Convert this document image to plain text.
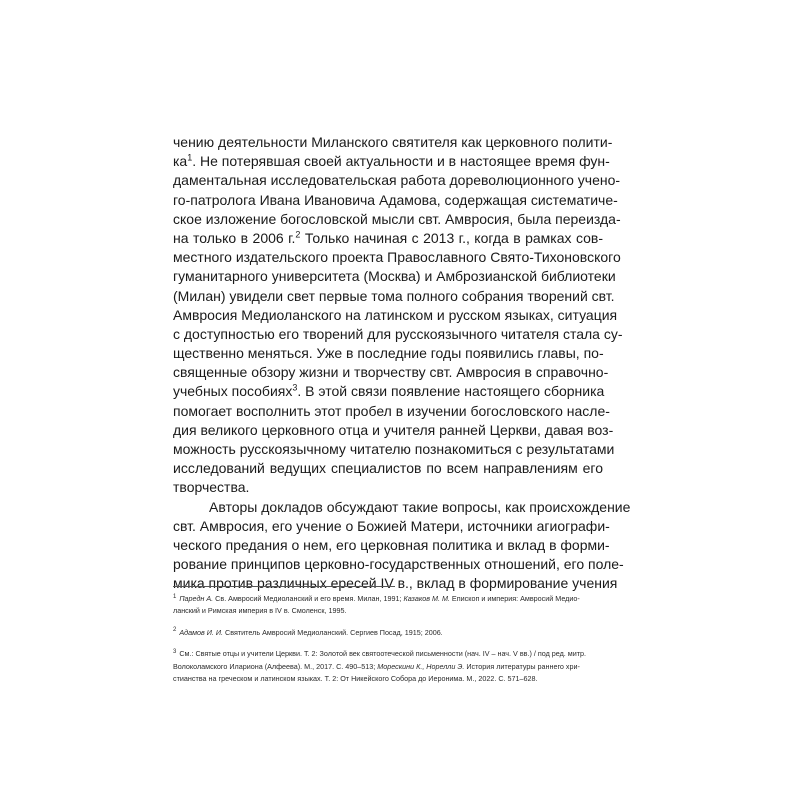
чению деятельности Миланского святителя как церковного полити-
$ка^1$. Не потерявшая своей актуальности и в настоящее время фун-
даментальная исследовательская работа дореволюционного учено-
го-патролога Ивана Ивановича Адамова, содержащая систематиче-
ское изложение богословской мысли свт. Амвросия, была переизда-
на только в 2006 г.$^2$ Только начиная с 2013 г., когда в рамках сов-
местного издательского проекта Православного Свято-Тихоновского
гуманитарного университета (Москва) и Амброзианской библиотеки
(Милан) увидели свет первые тома полного собрания творений свт.
Амвросия Медиоланского на латинском и русском языках, ситуация
с доступностью его творений для русскоязычного читателя стала су-
щественно меняться. Уже в последние годы появились главы, по-
священные обзору жизни и творчеству свт. Амвросия в справочно-
учебных пособиях$^3$. В этой связи появление настоящего сборника
помогает восполнить этот пробел в изучении богословского насле-
дия великого церковного отца и учителя ранней Церкви, давая воз-
можность русскоязычному читателю познакомиться с результатами
исследований ведущих специалистов по всем направлениям его
творчества.
Авторы докладов обсуждают такие вопросы, как происхождение
свт. Амвросия, его учение о Божией Матери, источники агиографи-
ческого предания о нем, его церковная политика и вклад в форми-
рование принципов церковно-государственных отношений, его поле-
мика против различных ересей IV в., вклад в формирование учения
$^1$ Паредн А. Св. Амвросий Медиоланский и его время. Милан, 1991; Казаков М. М. Епископ и империя: Амвросий Медио-
ланский и Римская империя в IV в. Смоленск, 1995.
$^2$ Адамов И. И. Святитель Амвросий Медиоланский. Сергиев Посад, 1915; 2006.
$^3$ См.: Святые отцы и учители Церкви. Т. 2: Золотой век святоотеческой письменности (нач. IV – нач. V вв.) / под ред. митр.
Волоколамского Илариона (Алфеева). М., 2017. С. 490–513; Морескини К., Норелли Э. История литературы раннего хри-
стианства на греческом и латинском языках. Т. 2: От Никейского Собора до Иеронима. М., 2022. С. 571–628.
